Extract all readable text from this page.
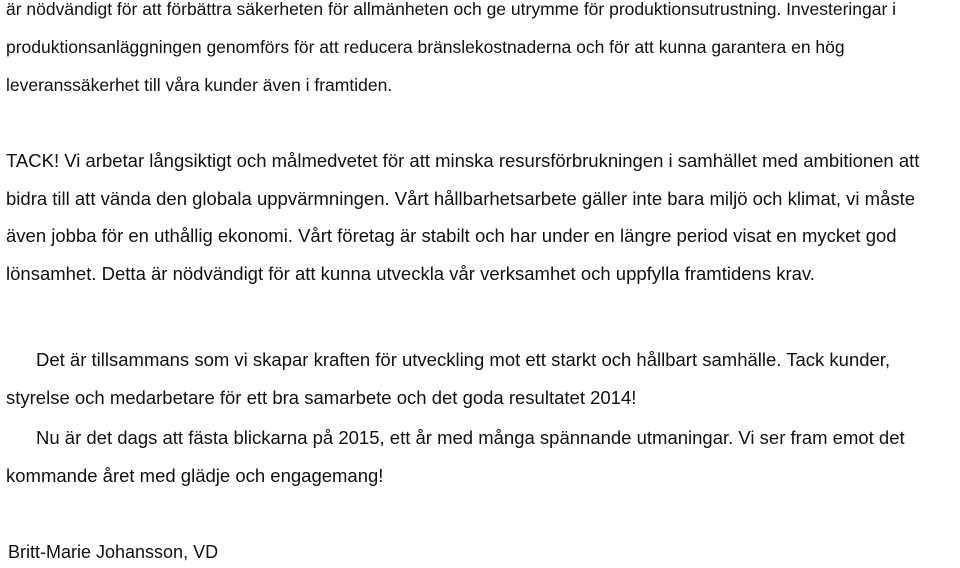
är nödvändigt för att förbättra säkerheten för allmänheten och ge utrymme för produktionsutrustning. Investeringar i produktionsanläggningen genomförs för att reducera bränslekostnaderna och för att kunna garantera en hög leveranssäkerhet till våra kunder även i framtiden.

TACK! Vi arbetar långsiktigt och målmedvetet för att minska resursförbrukningen i samhället med ambitionen att bidra till att vända den globala uppvärmningen. Vårt hållbarhetsarbete gäller inte bara miljö och klimat, vi måste även jobba för en uthållig ekonomi. Vårt företag är stabilt och har under en längre period visat en mycket god lönsamhet. Detta är nödvändigt för att kunna utveckla vår verksamhet och uppfylla framtidens krav.

Det är tillsammans som vi skapar kraften för utveckling mot ett starkt och hållbart samhälle. Tack kunder, styrelse och medarbetare för ett bra samarbete och det goda resultatet 2014!

Nu är det dags att fästa blickarna på 2015, ett år med många spännande utmaningar. Vi ser fram emot det kommande året med glädje och engagemang!

Britt-Marie Johansson, VD
